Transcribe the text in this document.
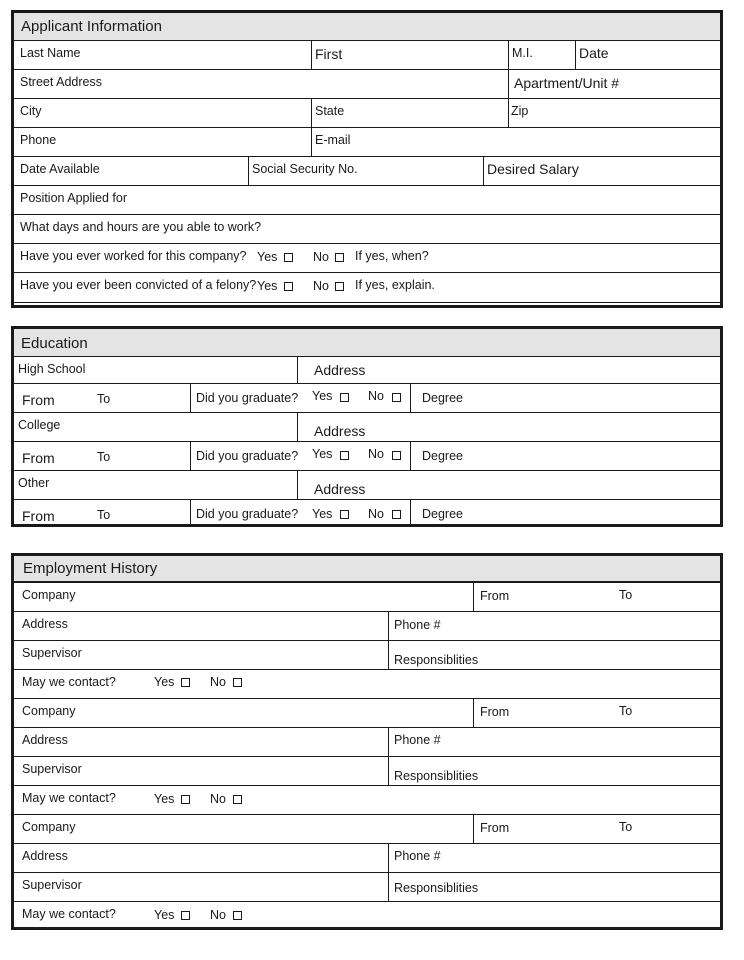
Applicant Information
Last Name	First	M.I.	Date
Street Address	Apartment/Unit #
City	State	Zip
Phone	E-mail
Date Available	Social Security No.	Desired Salary
Position Applied for
What days and hours are you able to work?
Have you ever worked for this company? Yes	No If yes, when?
Have you ever been convicted of a felony? Yes	No If yes, explain.
Education
High School	Address
From	To	Did you graduate? Yes	No	Degree
College	Address
From	To	Did you graduate? Yes	No	Degree
Other	Address
From	To	Did you graduate? Yes	No	Degree
Employment History
Company	From	To
Address	Phone #
Supervisor	Responsiblities
May we contact?	Yes	No
Company	From	To
Address	Phone #
Supervisor	Responsiblities
May we contact?	Yes	No
Company	From	To
Address	Phone #
Supervisor	Responsiblities
May we contact?	Yes	No
